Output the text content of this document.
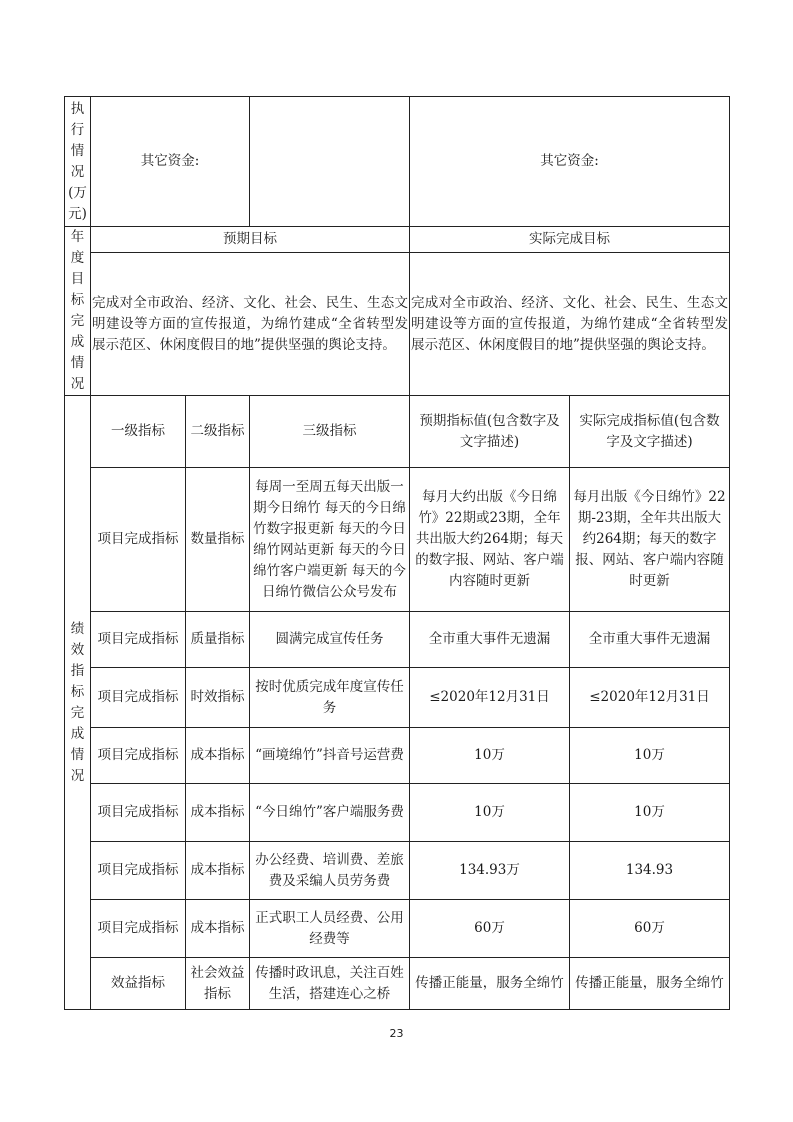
执行情况(万元)	其它资金:			其它资金:	
年度目标完成情况	预期目标			实际完成目标	
	完成对全市政治、经济、文化、社会、民生、生态文明建设等方面的宣传报道，为绵竹建成“全省转型发展示范区、休闲度假目的地”提供坚强的舆论支持。			完成对全市政治、经济、文化、社会、民生、生态文明建设等方面的宣传报道，为绵竹建成“全省转型发展示范区、休闲度假目的地”提供坚强的舆论支持。	
绩效指标完成情况	一级指标	二级指标	三级指标	预期指标值(包含数字及文字描述)	实际完成指标值(包含数字及文字描述)
	项目完成指标	数量指标	每周一至周五每天出版一期今日绵竹 每天的今日绵竹数字报更新 每天的今日绵竹网站更新 每天的今日绵竹客户端更新 每天的今日绵竹微信公众号发布	每月大约出版《今日绵竹》22期或23期，全年共出版大约264期；每天的数字报、网站、客户端内容随时更新	每月出版《今日绵竹》22期-23期，全年共出版大约264期；每天的数字报、网站、客户端内容随时更新
	项目完成指标	质量指标	圆满完成宣传任务	全市重大事件无遗漏	全市重大事件无遗漏
	项目完成指标	时效指标	按时优质完成年度宣传任务	≤2020年12月31日	≤2020年12月31日
	项目完成指标	成本指标	“画境绵竹”抖音号运营费	10万	10万
	项目完成指标	成本指标	“今日绵竹”客户端服务费	10万	10万
	项目完成指标	成本指标	办公经费、培训费、差旅费及采编人员劳务费	134.93万	134.93
	项目完成指标	成本指标	正式职工人员经费、公用经费等	60万	60万
	效益指标	社会效益指标	传播时政讯息，关注百姓生活，搭建连心之桥	传播正能量，服务全绵竹	传播正能量，服务全绵竹
23
